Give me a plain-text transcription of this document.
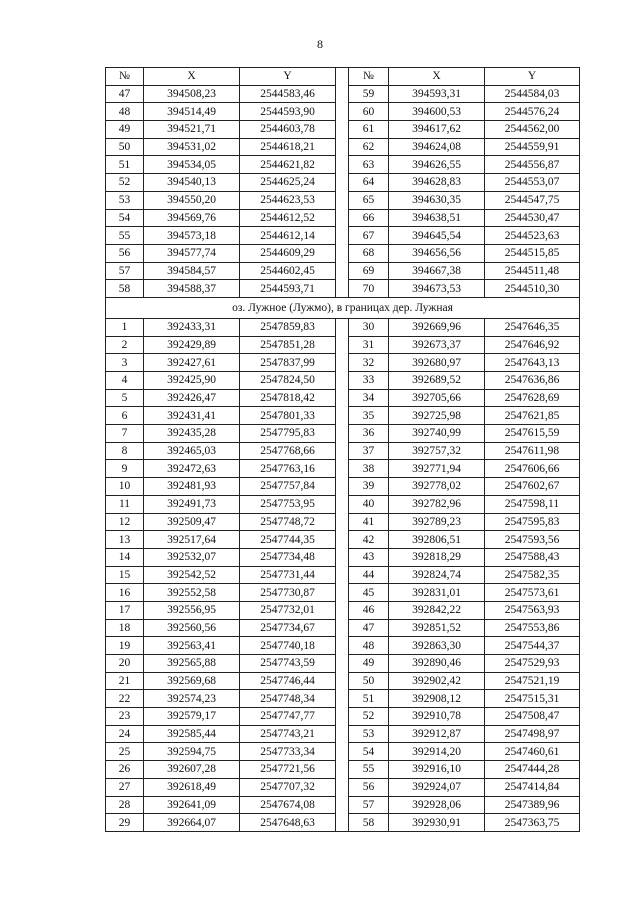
8
№	X	Y		№	X	Y
47	394508,23	2544583,46		59	394593,31	2544584,03
48	394514,49	2544593,90		60	394600,53	2544576,24
49	394521,71	2544603,78		61	394617,62	2544562,00
50	394531,02	2544618,21		62	394624,08	2544559,91
51	394534,05	2544621,82		63	394626,55	2544556,87
52	394540,13	2544625,24		64	394628,83	2544553,07
53	394550,20	2544623,53		65	394630,35	2544547,75
54	394569,76	2544612,52		66	394638,51	2544530,47
55	394573,18	2544612,14		67	394645,54	2544523,63
56	394577,74	2544609,29		68	394656,56	2544515,85
57	394584,57	2544602,45		69	394667,38	2544511,48
58	394588,37	2544593,71		70	394673,53	2544510,30
оз. Лужное (Лужмо), в границах дер. Лужная						
1	392433,31	2547859,83		30	392669,96	2547646,35
2	392429,89	2547851,28		31	392673,37	2547646,92
3	392427,61	2547837,99		32	392680,97	2547643,13
4	392425,90	2547824,50		33	392689,52	2547636,86
5	392426,47	2547818,42		34	392705,66	2547628,69
6	392431,41	2547801,33		35	392725,98	2547621,85
7	392435,28	2547795,83		36	392740,99	2547615,59
8	392465,03	2547768,66		37	392757,32	2547611,98
9	392472,63	2547763,16		38	392771,94	2547606,66
10	392481,93	2547757,84		39	392778,02	2547602,67
11	392491,73	2547753,95		40	392782,96	2547598,11
12	392509,47	2547748,72		41	392789,23	2547595,83
13	392517,64	2547744,35		42	392806,51	2547593,56
14	392532,07	2547734,48		43	392818,29	2547588,43
15	392542,52	2547731,44		44	392824,74	2547582,35
16	392552,58	2547730,87		45	392831,01	2547573,61
17	392556,95	2547732,01		46	392842,22	2547563,93
18	392560,56	2547734,67		47	392851,52	2547553,86
19	392563,41	2547740,18		48	392863,30	2547544,37
20	392565,88	2547743,59		49	392890,46	2547529,93
21	392569,68	2547746,44		50	392902,42	2547521,19
22	392574,23	2547748,34		51	392908,12	2547515,31
23	392579,17	2547747,77		52	392910,78	2547508,47
24	392585,44	2547743,21		53	392912,87	2547498,97
25	392594,75	2547733,34		54	392914,20	2547460,61
26	392607,28	2547721,56		55	392916,10	2547444,28
27	392618,49	2547707,32		56	392924,07	2547414,84
28	392641,09	2547674,08		57	392928,06	2547389,96
29	392664,07	2547648,63		58	392930,91	2547363,75
